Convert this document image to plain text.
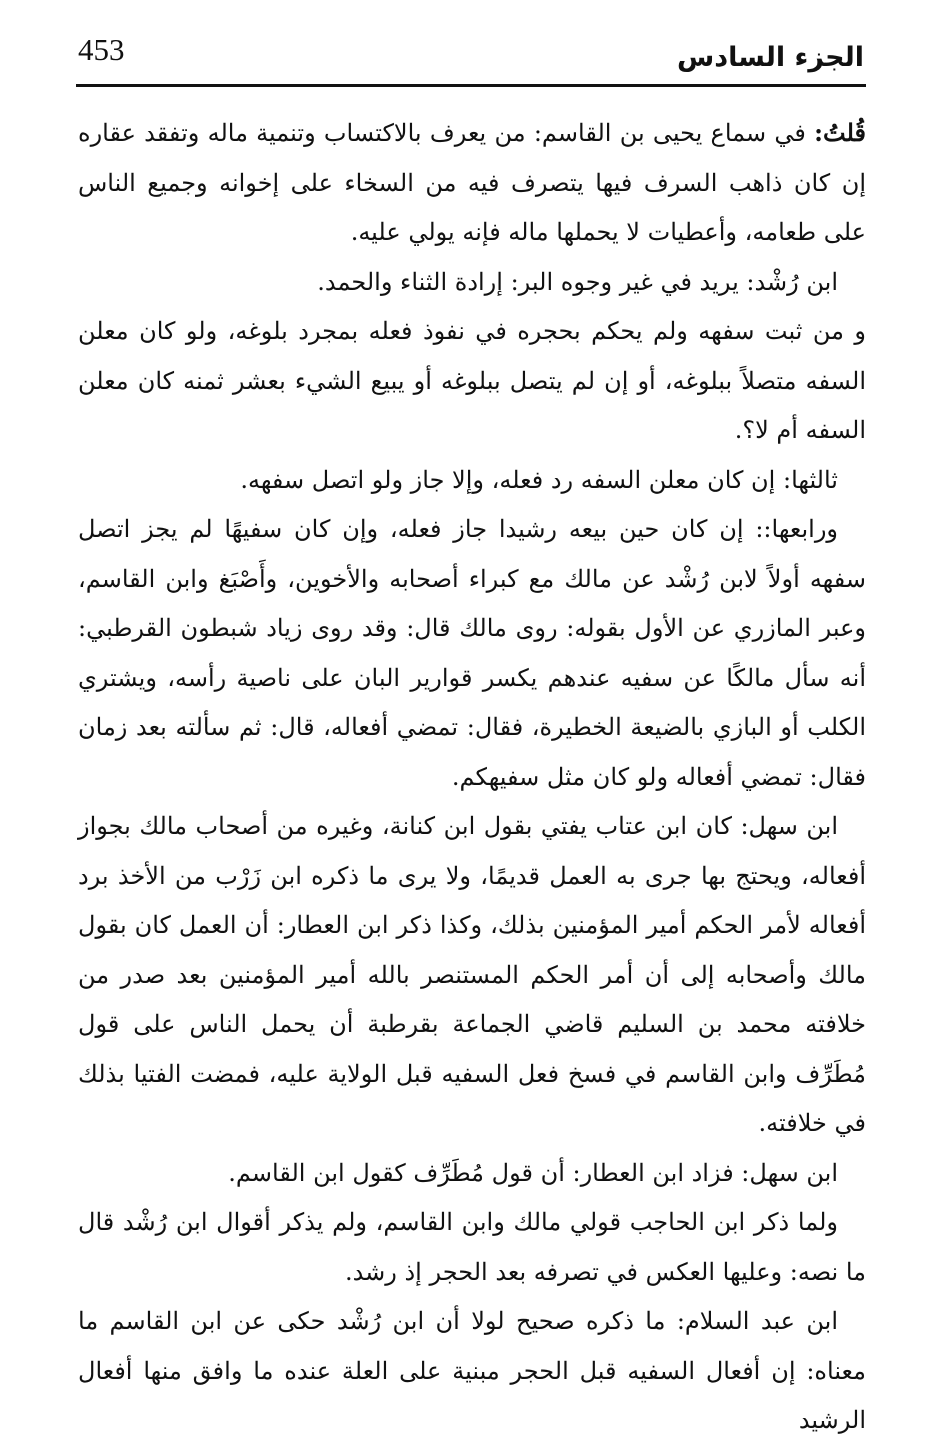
453	الجزء السادس

قُلتُ: في سماع يحيى بن القاسم: من يعرف بالاكتساب وتنمية ماله وتفقد عقاره إن كان ذاهب السرف فيها يتصرف فيه من السخاء على إخوانه وجميع الناس على طعامه، وأعطيات لا يحملها ماله فإنه يولي عليه.

ابن رُشْد: يريد في غير وجوه البر: إرادة الثناء والحمد.

و من ثبت سفهه ولم يحكم بحجره في نفوذ فعله بمجرد بلوغه، ولو كان معلن السفه متصلاً ببلوغه، أو إن لم يتصل ببلوغه أو يبيع الشيء بعشر ثمنه كان معلن السفه أم لا؟.

ثالثها: إن كان معلن السفه رد فعله، وإلا جاز ولو اتصل سفهه.

ورابعها:: إن كان حين بيعه رشيدا جاز فعله، وإن كان سفيهًا لم يجز اتصل سفهه أولاً لابن رُشْد عن مالك مع كبراء أصحابه والأخوين، وأَصْبَغ وابن القاسم، وعبر المازري عن الأول بقوله: روى مالك قال: وقد روى زياد شبطون القرطبي: أنه سأل مالكًا عن سفيه عندهم يكسر قوارير البان على ناصية رأسه، ويشتري الكلب أو البازي بالضيعة الخطيرة، فقال: تمضي أفعاله، قال: ثم سألته بعد زمان فقال: تمضي أفعاله ولو كان مثل سفيهكم.

ابن سهل: كان ابن عتاب يفتي بقول ابن كنانة، وغيره من أصحاب مالك بجواز أفعاله، ويحتج بها جرى به العمل قديمًا، ولا يرى ما ذكره ابن زَرْب من الأخذ برد أفعاله لأمر الحكم أمير المؤمنين بذلك، وكذا ذكر ابن العطار: أن العمل كان بقول مالك وأصحابه إلى أن أمر الحكم المستنصر بالله أمير المؤمنين بعد صدر من خلافته محمد بن السليم قاضي الجماعة بقرطبة أن يحمل الناس على قول مُطَرِّف وابن القاسم في فسخ فعل السفيه قبل الولاية عليه، فمضت الفتيا بذلك في خلافته.

ابن سهل: فزاد ابن العطار: أن قول مُطَرِّف كقول ابن القاسم.

ولما ذكر ابن الحاجب قولي مالك وابن القاسم، ولم يذكر أقوال ابن رُشْد قال ما نصه: وعليها العكس في تصرفه بعد الحجر إذ رشد.

ابن عبد السلام: ما ذكره صحيح لولا أن ابن رُشْد حكى عن ابن القاسم ما معناه: إن أفعال السفيه قبل الحجر مبنية على العلة عنده ما وافق منها أفعال الرشيد
